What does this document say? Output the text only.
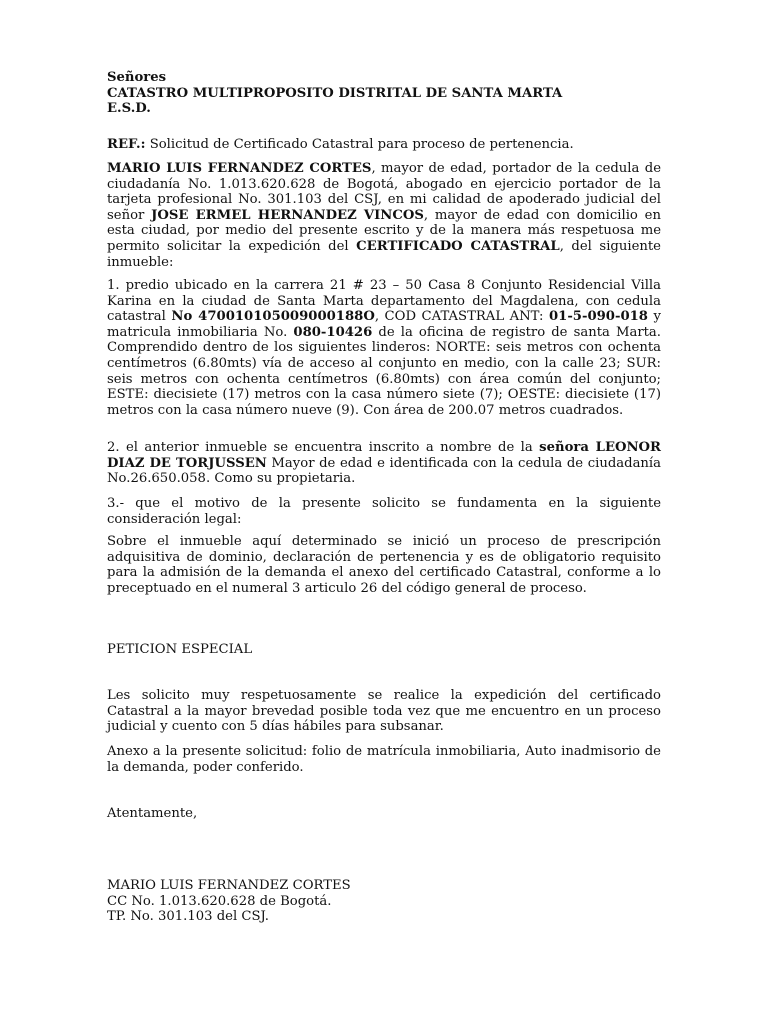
Señores
CATASTRO MULTIPROPOSITO DISTRITAL DE SANTA MARTA
E.S.D.
REF.: Solicitud de Certificado Catastral para proceso de pertenencia.

MARIO LUIS FERNANDEZ CORTES, mayor de edad, portador de la cedula de ciudadanía No. 1.013.620.628 de Bogotá, abogado en ejercicio portador de la tarjeta profesional No. 301.103 del CSJ, en mi calidad de apoderado judicial del señor JOSE ERMEL HERNANDEZ VINCOS, mayor de edad con domicilio en esta ciudad, por medio del presente escrito y de la manera más respetuosa me permito solicitar la expedición del CERTIFICADO CATASTRAL, del siguiente inmueble:

1. predio ubicado en la carrera 21 # 23 – 50 Casa 8 Conjunto Residencial Villa Karina en la ciudad de Santa Marta departamento del Magdalena, con cedula catastral No 470010105009000188O, COD CATASTRAL ANT: 01-5-090-018 y matricula inmobiliaria No. 080-10426 de la oficina de registro de santa Marta. Comprendido dentro de los siguientes linderos: NORTE: seis metros con ochenta centímetros (6.80mts) vía de acceso al conjunto en medio, con la calle 23; SUR: seis metros con ochenta centímetros (6.80mts) con área común del conjunto; ESTE: diecisiete (17) metros con la casa número siete (7); OESTE: diecisiete (17) metros con la casa número nueve (9). Con área de 200.07 metros cuadrados.

2. el anterior inmueble se encuentra inscrito a nombre de la señora LEONOR DIAZ DE TORJUSSEN Mayor de edad e identificada con la cedula de ciudadanía No.26.650.058. Como su propietaria.

3.- que el motivo de la presente solicito se fundamenta en la siguiente consideración legal:

Sobre el inmueble aquí determinado se inició un proceso de prescripción adquisitiva de dominio, declaración de pertenencia y es de obligatorio requisito para la admisión de la demanda el anexo del certificado Catastral, conforme a lo preceptuado en el numeral 3 articulo 26 del código general de proceso.

PETICION ESPECIAL

Les solicito muy respetuosamente se realice la expedición del certificado Catastral a la mayor brevedad posible toda vez que me encuentro en un proceso judicial y cuento con 5 días hábiles para subsanar.

Anexo a la presente solicitud: folio de matrícula inmobiliaria, Auto inadmisorio de la demanda, poder conferido.

Atentamente,

MARIO LUIS FERNANDEZ CORTES
CC No. 1.013.620.628 de Bogotá.
TP. No. 301.103 del CSJ.
